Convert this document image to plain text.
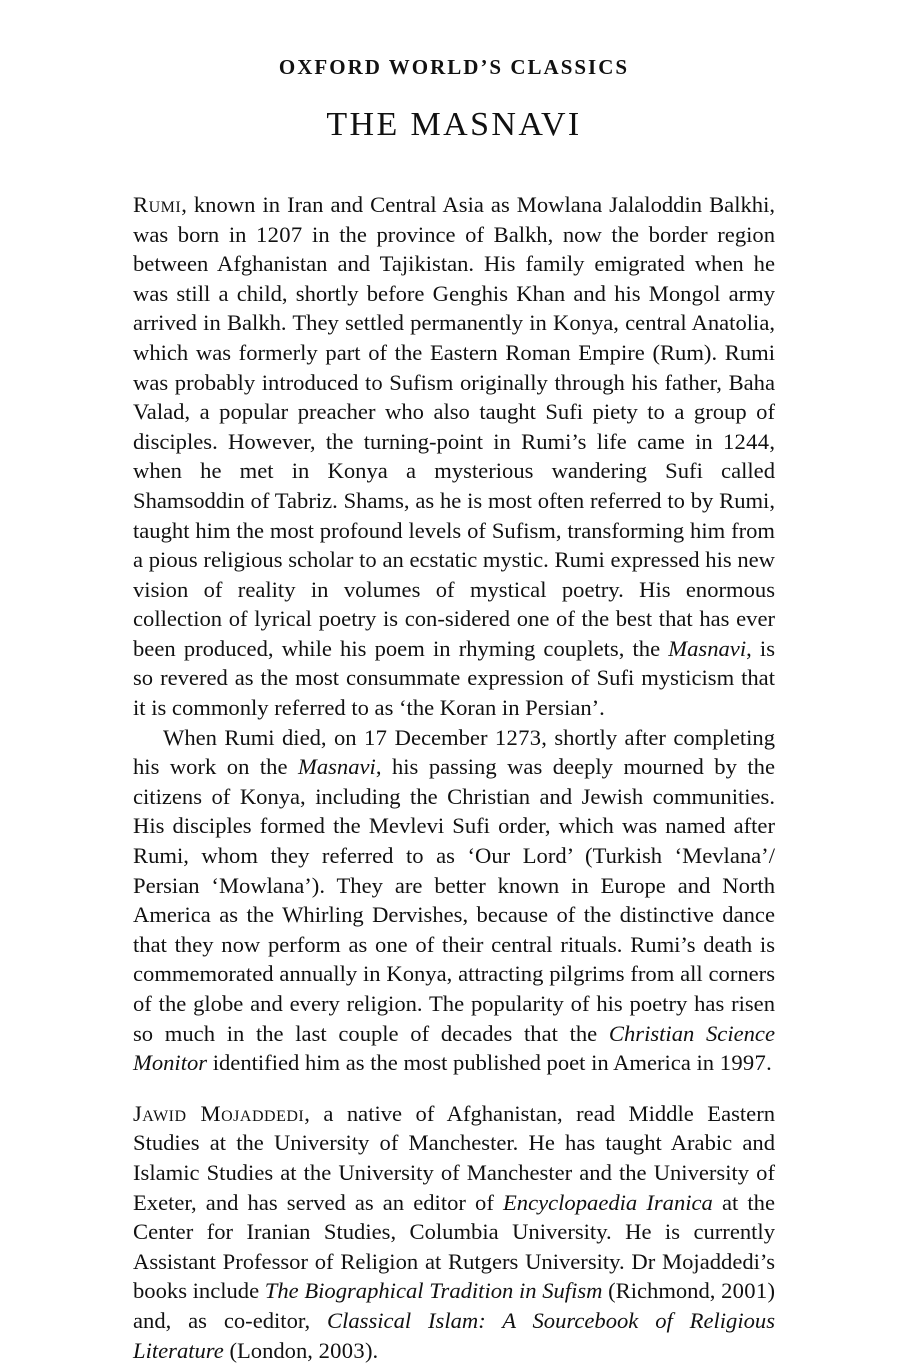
OXFORD WORLD’S CLASSICS
THE MASNAVI

Rumi, known in Iran and Central Asia as Mowlana Jalaloddin Balkhi, was born in 1207 in the province of Balkh, now the border region between Afghanistan and Tajikistan. His family emigrated when he was still a child, shortly before Genghis Khan and his Mongol army arrived in Balkh. They settled permanently in Konya, central Anatolia, which was formerly part of the Eastern Roman Empire (Rum). Rumi was probably introduced to Sufism originally through his father, Baha Valad, a popular preacher who also taught Sufi piety to a group of disciples. However, the turning-point in Rumi’s life came in 1244, when he met in Konya a mysterious wandering Sufi called Shamsoddin of Tabriz. Shams, as he is most often referred to by Rumi, taught him the most profound levels of Sufism, transforming him from a pious religious scholar to an ecstatic mystic. Rumi expressed his new vision of reality in volumes of mystical poetry. His enormous collection of lyrical poetry is con-sidered one of the best that has ever been produced, while his poem in rhyming couplets, the Masnavi, is so revered as the most consummate expression of Sufi mysticism that it is commonly referred to as ‘the Koran in Persian’.

When Rumi died, on 17 December 1273, shortly after completing his work on the Masnavi, his passing was deeply mourned by the citizens of Konya, including the Christian and Jewish communities. His disciples formed the Mevlevi Sufi order, which was named after Rumi, whom they referred to as ‘Our Lord’ (Turkish ‘Mevlana’/ Persian ‘Mowlana’). They are better known in Europe and North America as the Whirling Dervishes, because of the distinctive dance that they now perform as one of their central rituals. Rumi’s death is commemorated annually in Konya, attracting pilgrims from all corners of the globe and every religion. The popularity of his poetry has risen so much in the last couple of decades that the Christian Science Monitor identified him as the most published poet in America in 1997.

Jawid Mojaddedi, a native of Afghanistan, read Middle Eastern Studies at the University of Manchester. He has taught Arabic and Islamic Studies at the University of Manchester and the University of Exeter, and has served as an editor of Encyclopaedia Iranica at the Center for Iranian Studies, Columbia University. He is currently Assistant Professor of Religion at Rutgers University. Dr Mojaddedi’s books include The Biographical Tradition in Sufism (Richmond, 2001) and, as co-editor, Classical Islam: A Sourcebook of Religious Literature (London, 2003).
